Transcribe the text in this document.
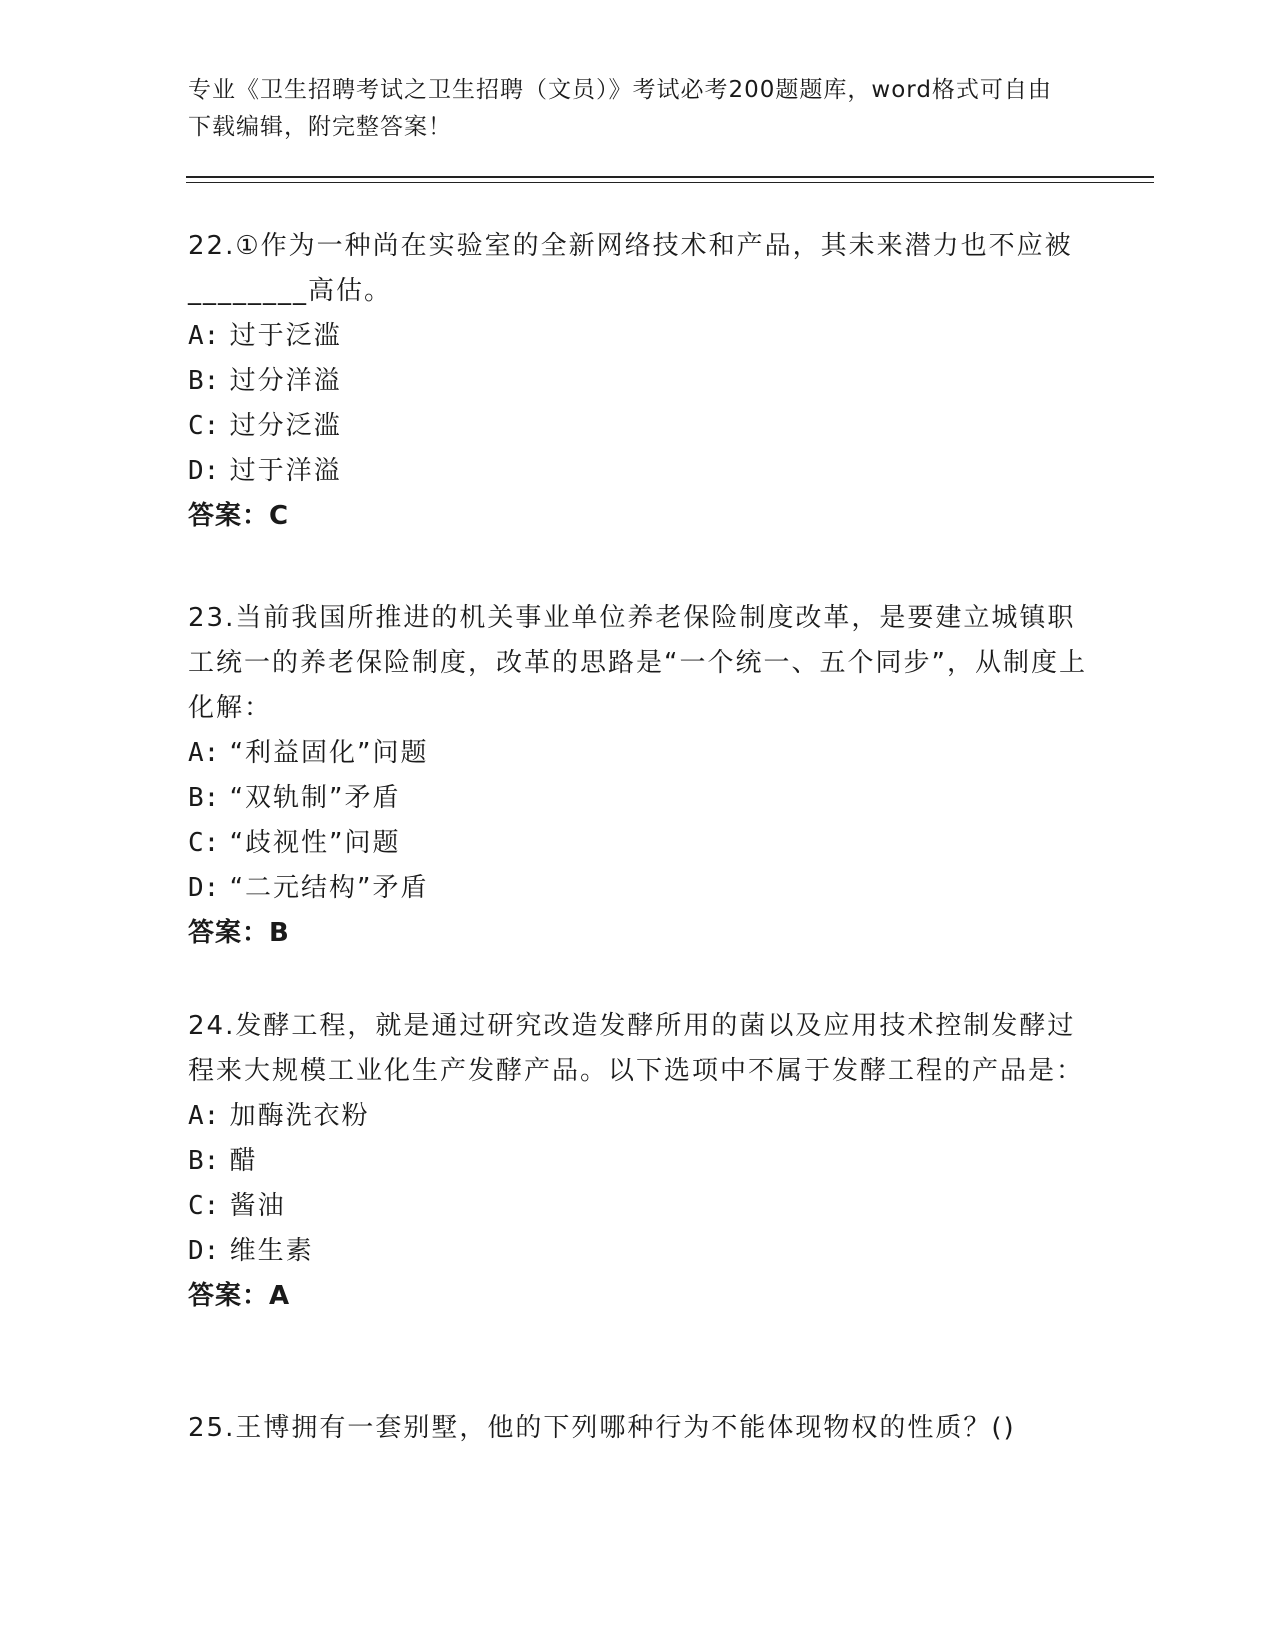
专业《卫生招聘考试之卫生招聘（文员）》考试必考200题题库，word格式可自由下载编辑，附完整答案！
22.①作为一种尚在实验室的全新网络技术和产品，其未来潜力也不应被________高估。
A: 过于泛滥
B: 过分洋溢
C: 过分泛滥
D: 过于洋溢
答案：C
23.当前我国所推进的机关事业单位养老保险制度改革，是要建立城镇职工统一的养老保险制度，改革的思路是“一个统一、五个同步”，从制度上化解：
A: “利益固化”问题
B: “双轨制”矛盾
C: “歧视性”问题
D: “二元结构”矛盾
答案：B
24.发酵工程，就是通过研究改造发酵所用的菌以及应用技术控制发酵过程来大规模工业化生产发酵产品。以下选项中不属于发酵工程的产品是：
A: 加酶洗衣粉
B: 醋
C: 酱油
D: 维生素
答案：A
25.王博拥有一套别墅，他的下列哪种行为不能体现物权的性质？()
